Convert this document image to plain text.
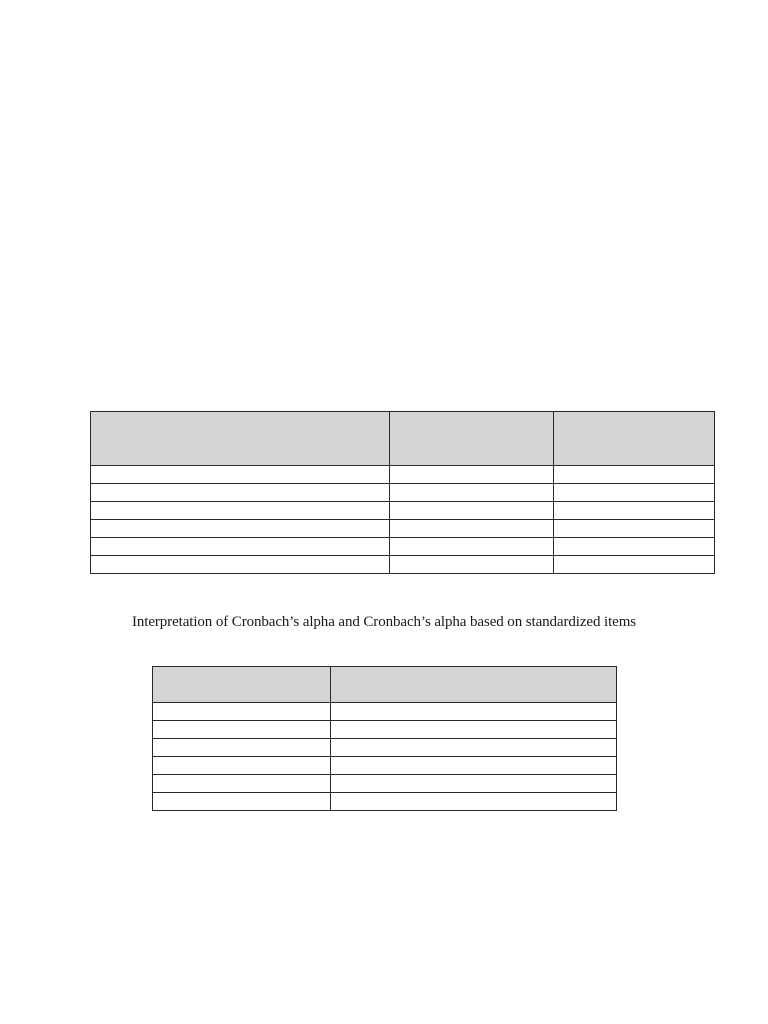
Interpretation of Cronbach’s alpha and Cronbach’s alpha based on standardized items
